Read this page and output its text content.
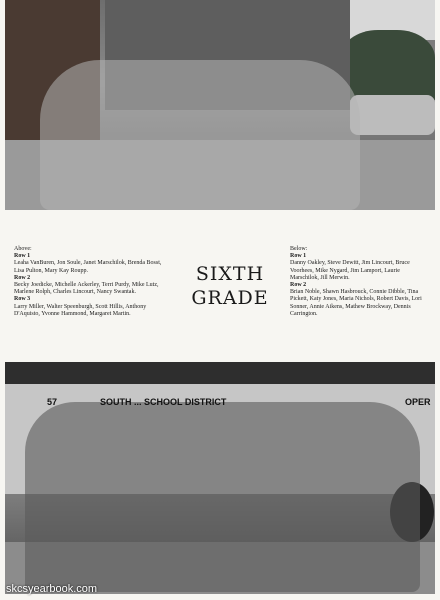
Above:
Row 1
Leaha VanBuren, Jon Soule, Janet Marschilok, Brenda Bosst, Lisa Pulton, Mary Kay Roupp.
Row 2
Becky Joedicke, Michelle Ackerley, Terri Purdy, Mike Lutz, Marlene Rolph, Charles Lincourt, Nancy Swantak.
Row 3
Larry Miller, Walter Speenburgh, Scott Hillis, Anthony D'Aquisto, Yvonne Hammond, Margaret Martin.
SIXTH
GRADE
Below:
Row 1
Danny Oakley, Steve Dewitt, Jim Lincourt, Bruce Voorhees, Mike Nygard, Jim Lamport, Laurie Marschilok, Jill Merwin.
Row 2
Brian Noble, Shawn Hasbrouck, Connie Dibble, Tina Pickett, Katy Jones, Maria Nichols, Robert Davis, Lori Sonner, Annie Aikens, Mathew Brockway, Dennis Carrington.
57	SOUTH ... SCHOOL DISTRICT	OPER
skcsyearbook.com
